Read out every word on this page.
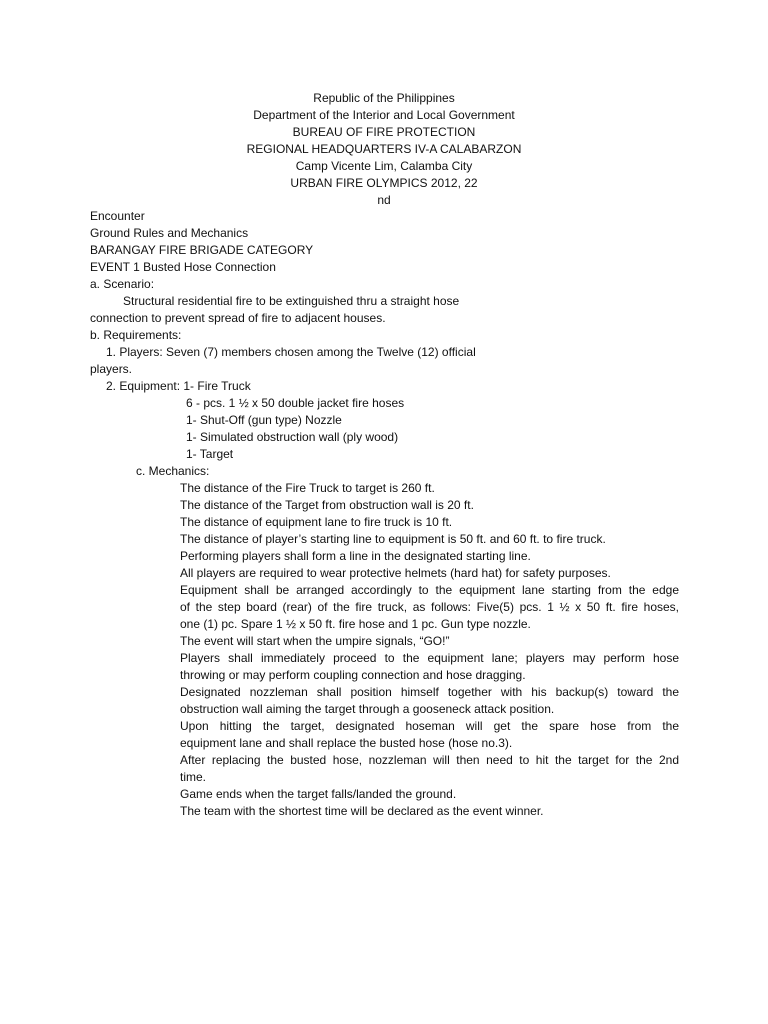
Republic of the Philippines
Department of the Interior and Local Government
BUREAU OF FIRE PROTECTION
REGIONAL HEADQUARTERS IV-A CALABARZON
Camp Vicente Lim, Calamba City
URBAN FIRE OLYMPICS 2012, 22
nd
Encounter
Ground Rules and Mechanics
BARANGAY FIRE BRIGADE CATEGORY
EVENT 1 Busted Hose Connection
a. Scenario:
Structural residential fire to be extinguished thru a straight hose
connection to prevent spread of fire to adjacent houses.
b. Requirements:
1. Players: Seven (7) members chosen among the Twelve (12) official
players.
2. Equipment: 1- Fire Truck
6 - pcs. 1 ½ x 50 double jacket fire hoses
1- Shut-Off (gun type) Nozzle
1- Simulated obstruction wall (ply wood)
1- Target
c. Mechanics:
The distance of the Fire Truck to target is 260 ft.
The distance of the Target from obstruction wall is 20 ft.
The distance of equipment lane to fire truck is 10 ft.
The distance of player’s starting line to equipment is 50 ft. and 60 ft. to fire truck.
Performing players shall form a line in the designated starting line.
All players are required to wear protective helmets (hard hat) for safety purposes.
Equipment shall be arranged accordingly to the equipment lane starting from the edge
of the step board (rear) of the fire truck, as follows: Five(5) pcs. 1 ½ x 50 ft. fire hoses,
one (1) pc. Spare 1 ½ x 50 ft. fire hose and 1 pc. Gun type nozzle.
The event will start when the umpire signals, “GO!”
Players shall immediately proceed to the equipment lane; players may perform hose
throwing or may perform coupling connection and hose dragging.
Designated nozzleman shall position himself together with his backup(s) toward the
obstruction wall aiming the target through a gooseneck attack position.
Upon hitting the target, designated hoseman will get the spare hose from the
equipment lane and shall replace the busted hose (hose no.3).
After replacing the busted hose, nozzleman will then need to hit the target for the 2nd
time.
Game ends when the target falls/landed the ground.
The team with the shortest time will be declared as the event winner.
